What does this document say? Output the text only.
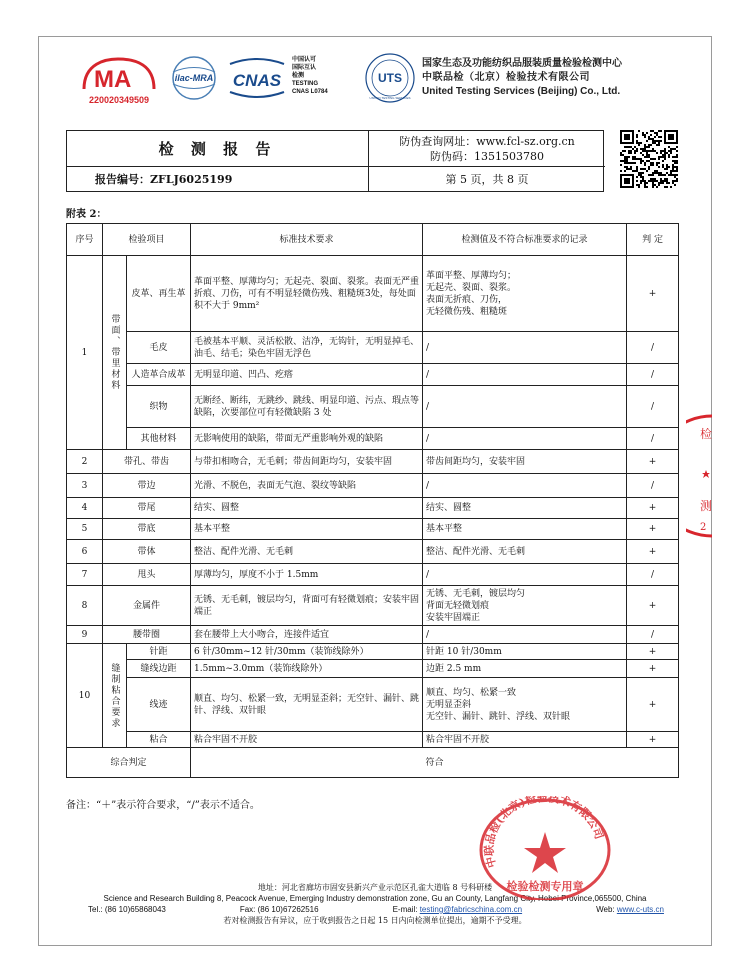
MA
220020349509
ilac-MRA CNAS
中国认可
国际互认
检测
TESTING
CNAS L0784
UTS
UNITED TESTING SERVICES
国家生态及功能纺织品服装质量检验检测中心
中联品检（北京）检验技术有限公司
United Testing Services (Beijing) Co., Ltd.
检 测 报 告	防伪查询网址：www.fcl-sz.org.cn
防伪码：1351503780
报告编号：ZFLJ6025199	第 5 页，共 8 页
附表 2：
序号	检验项目		标准技术要求	检测值及不符合标准要求的记录	判 定
1	带面、带里材料	皮革、再生革	革面平整、厚薄均匀；无起壳、裂面、裂浆。表面无严重折痕、刀伤，可有不明显轻微伤残、粗糙斑3处，每处面积不大于 9mm²	革面平整、厚薄均匀；
无起壳、裂面、裂浆。
表面无折痕、刀伤，
无轻微伤残、粗糙斑	+
		毛皮	毛被基本平顺、灵活松散、洁净，无钩针，无明显掉毛、油毛、结毛；染色牢固无浮色	/	/
		人造革合成革	无明显印道、凹凸、疙瘩	/	/
		织物	无断经、断纬，无跳纱、跳线、明显印道、污点、瑕点等缺陷，次要部位可有轻微缺陷 3 处	/	/
		其他材料	无影响使用的缺陷，带面无严重影响外观的缺陷	/	/
2	带孔、带齿		与带扣相吻合，无毛刺；带齿间距均匀，安装牢固	带齿间距均匀，安装牢固	+
3	带边		光滑、不脱色，表面无气泡、裂纹等缺陷	/	/
4	带尾		结实、圆整	结实、圆整	+
5	带底		基本平整	基本平整	+
6	带体		整洁、配件光滑、无毛刺	整洁、配件光滑、无毛刺	+
7	甩头		厚薄均匀，厚度不小于 1.5mm	/	/
8	金属件		无锈、无毛刺，镀层均匀，背面可有轻微划痕；安装牢固端正	无锈、无毛刺，镀层均匀
背面无轻微划痕
安装牢固端正	+
9	腰带圈		套在腰带上大小吻合，连接件适宜	/	/
10	缝制粘合要求	针距	6 针/30mm~12 针/30mm（装饰线除外）	针距 10 针/30mm	+
		缝线边距	1.5mm~3.0mm（装饰线除外）	边距 2.5 mm	+
		线迹	顺直、均匀、松紧一致，无明显歪斜；无空针、漏针、跳针、浮线、双针眼	顺直、均匀、松紧一致
无明显歪斜
无空针、漏针、跳针、浮线、双针眼	+
		粘合	粘合牢固不开胶	粘合牢固不开胶	+
综合判定			符合		
备注：“＋”表示符合要求，“/”表示不适合。
检
测
2
地址：河北省廊坊市固安县新兴产业示范区孔雀大道临 8 号科研楼
Science and Research Building 8, Peacock Avenue, Emerging Industry demonstration zone, Gu an County, Langfang City, Hebei Province,065500, China
Tel.: (86 10)65868043	Fax: (86 10)67262516	E-mail: testing@fabricschina.com.cn	Web: www.c-uts.cn
若对检测报告有异议，应于收到报告之日起 15 日内向检测单位提出，逾期不予受理。
中联品检(北京)检验技术有限公司
检验检测专用章
